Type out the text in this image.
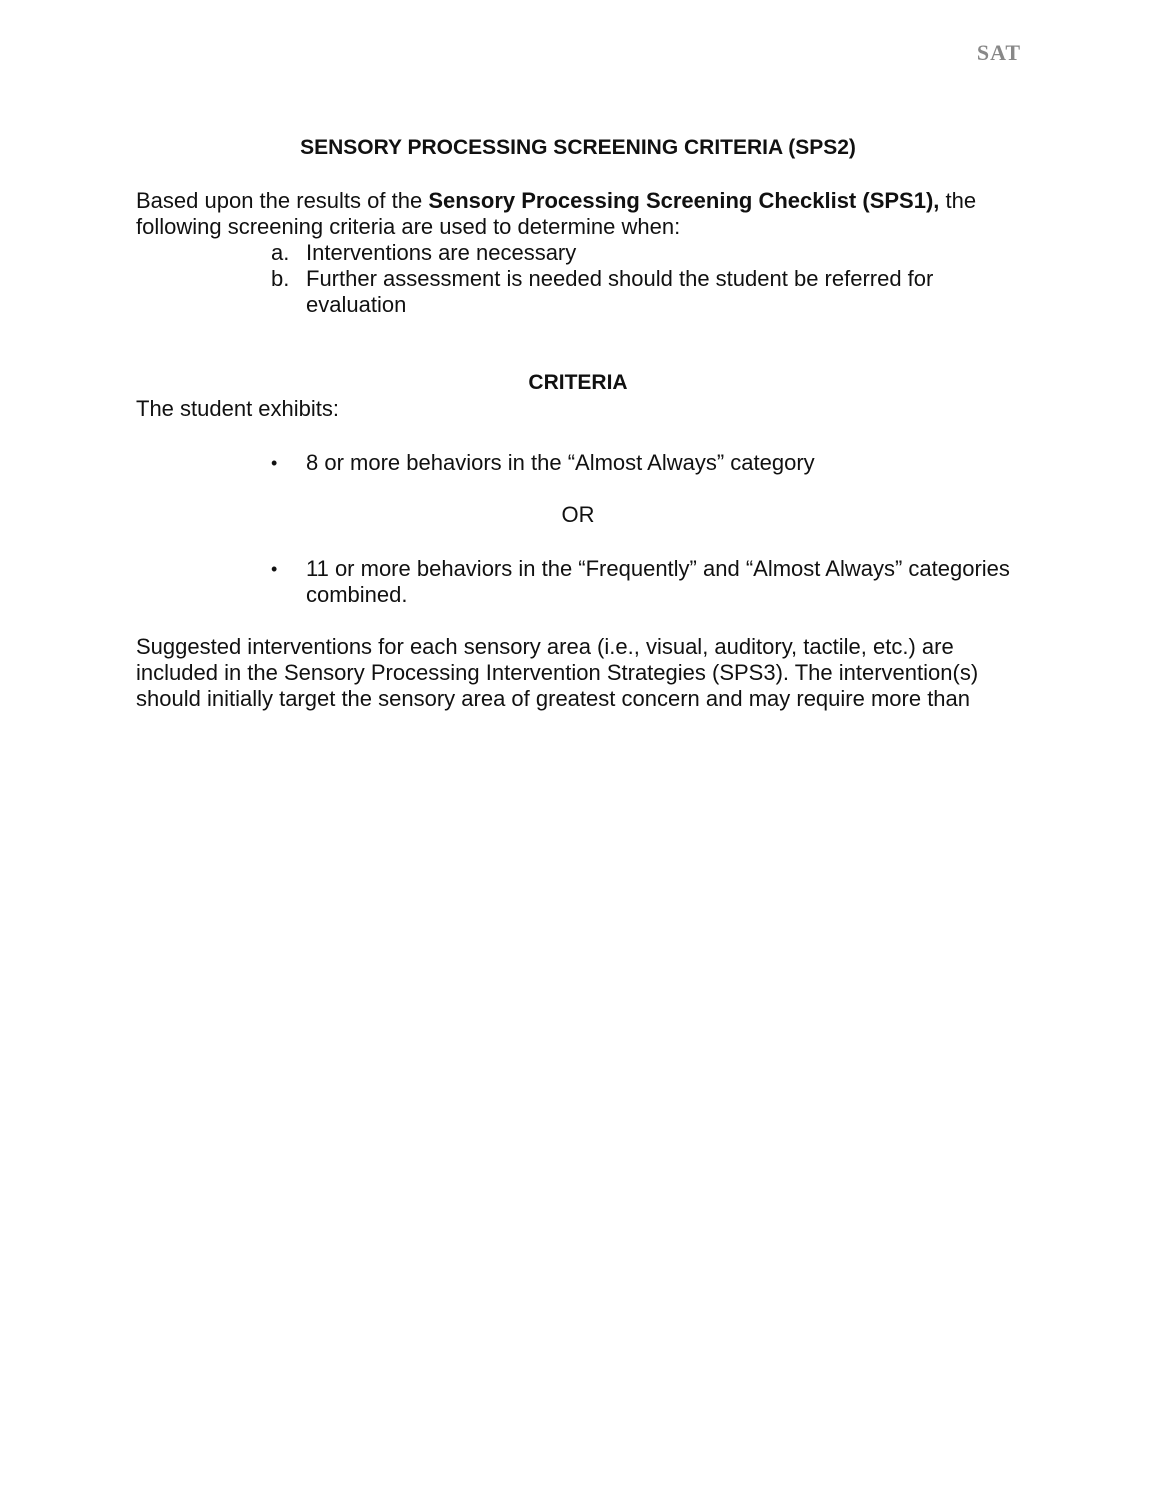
SAT
SENSORY PROCESSING SCREENING CRITERIA (SPS2)

Based upon the results of the Sensory Processing Screening Checklist (SPS1), the following screening criteria are used to determine when:

a. Interventions are necessary
b. Further assessment is needed should the student be referred for evaluation
CRITERIA

The student exhibits:

•	8 or more behaviors in the “Almost Always” category

OR

•	11 or more behaviors in the “Frequently” and “Almost Always” categories combined.

Suggested interventions for each sensory area (i.e., visual, auditory, tactile, etc.) are included in the Sensory Processing Intervention Strategies (SPS3). The intervention(s) should initially target the sensory area of greatest concern and may require more than
